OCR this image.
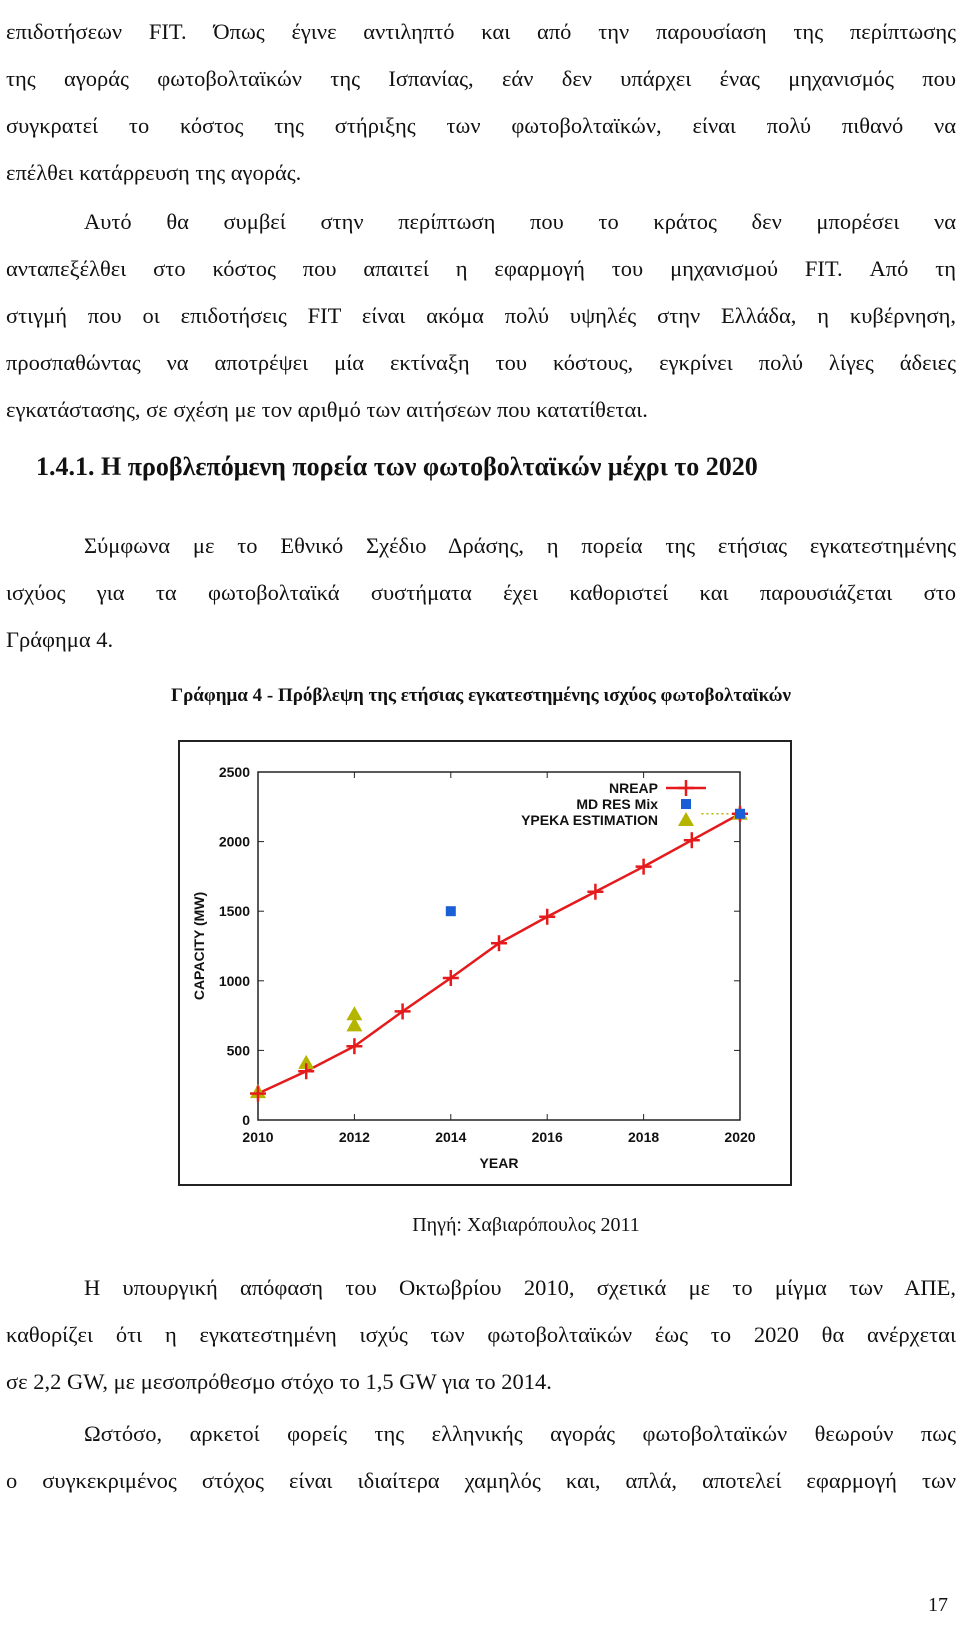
επιδοτήσεων FIT. Όπως έγινε αντιληπτό και από την παρουσίαση της περίπτωσης
της αγοράς φωτοβολταϊκών της Ισπανίας, εάν δεν υπάρχει ένας μηχανισμός που
συγκρατεί το κόστος της στήριξης των φωτοβολταϊκών, είναι πολύ πιθανό να
επέλθει κατάρρευση της αγοράς.
Αυτό θα συμβεί στην περίπτωση που το κράτος δεν μπορέσει να
ανταπεξέλθει στο κόστος που απαιτεί η εφαρμογή του μηχανισμού FIT. Από τη
στιγμή που οι επιδοτήσεις FIT είναι ακόμα πολύ υψηλές στην Ελλάδα, η κυβέρνηση,
προσπαθώντας να αποτρέψει μία εκτίναξη του κόστους, εγκρίνει πολύ λίγες άδειες
εγκατάστασης, σε σχέση με τον αριθμό των αιτήσεων που κατατίθεται.
1.4.1. Η προβλεπόμενη πορεία των φωτοβολταϊκών μέχρι το 2020
Σύμφωνα με το Εθνικό Σχέδιο Δράσης, η πορεία της ετήσιας εγκατεστημένης
ισχύος για τα φωτοβολταϊκά συστήματα έχει καθοριστεί και παρουσιάζεται στο
Γράφημα 4.
Γράφημα 4 - Πρόβλεψη της ετήσιας εγκατεστημένης ισχύος φωτοβολταϊκών
0
500
1000
1500
2000
2500
2010	2012	2014	2016	2018	2020
YEAR
CAPACITY (MW)
NREAP
MD RES Mix
YPEKA ESTIMATION
Πηγή: Χαβιαρόπουλος 2011
Η υπουργική απόφαση του Οκτωβρίου 2010, σχετικά με το μίγμα των ΑΠΕ,
καθορίζει ότι η εγκατεστημένη ισχύς των φωτοβολταϊκών έως το 2020 θα ανέρχεται
σε 2,2 GW, με μεσοπρόθεσμο στόχο το 1,5 GW για το 2014.
Ωστόσο, αρκετοί φορείς της ελληνικής αγοράς φωτοβολταϊκών θεωρούν πως
ο συγκεκριμένος στόχος είναι ιδιαίτερα χαμηλός και, απλά, αποτελεί εφαρμογή των
17
